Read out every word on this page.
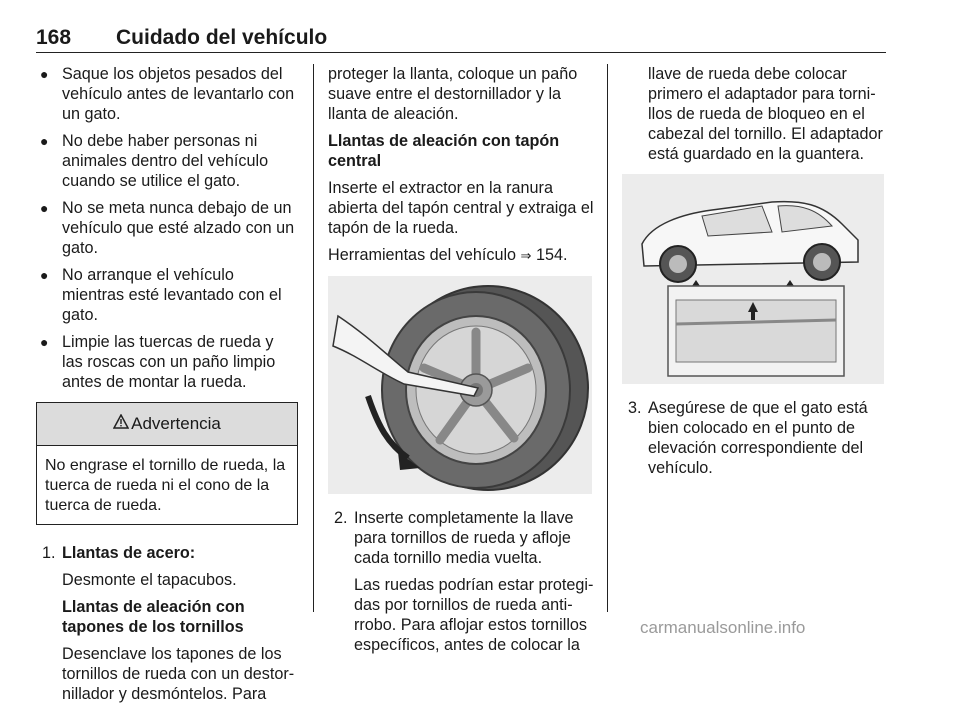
168 Cuidado del vehículo
● Saque los objetos pesados del vehículo antes de levantarlo con un gato.
● No debe haber personas ni animales dentro del vehículo cuando se utilice el gato.
● No se meta nunca debajo de un vehículo que esté alzado con un gato.
● No arranque el vehículo mientras esté levantado con el gato.
● Limpie las tuercas de rueda y las roscas con un paño limpio antes de montar la rueda.
Advertencia
No engrase el tornillo de rueda, la tuerca de rueda ni el cono de la tuerca de rueda.
1. Llantas de acero:

Desmonte el tapacubos.

Llantas de aleación con tapones de los tornillos

Desenclave los tapones de los tornillos de rueda con un destor-nillador y desmóntelos. Para

proteger la llanta, coloque un paño suave entre el destornillador y la llanta de aleación.

Llantas de aleación con tapón central

Inserte el extractor en la ranura abierta del tapón central y extraiga el tapón de la rueda.

Herramientas del vehículo ⇒ 154.

2. Inserte completamente la llave para tornillos de rueda y afloje cada tornillo media vuelta.

Las ruedas podrían estar protegi-das por tornillos de rueda anti-rrobo. Para aflojar estos tornillos específicos, antes de colocar la

llave de rueda debe colocar primero el adaptador para torni-llos de rueda de bloqueo en el cabezal del tornillo. El adaptador está guardado en la guantera.

3. Asegúrese de que el gato está bien colocado en el punto de elevación correspondiente del vehículo.

carmanualsonline.info
